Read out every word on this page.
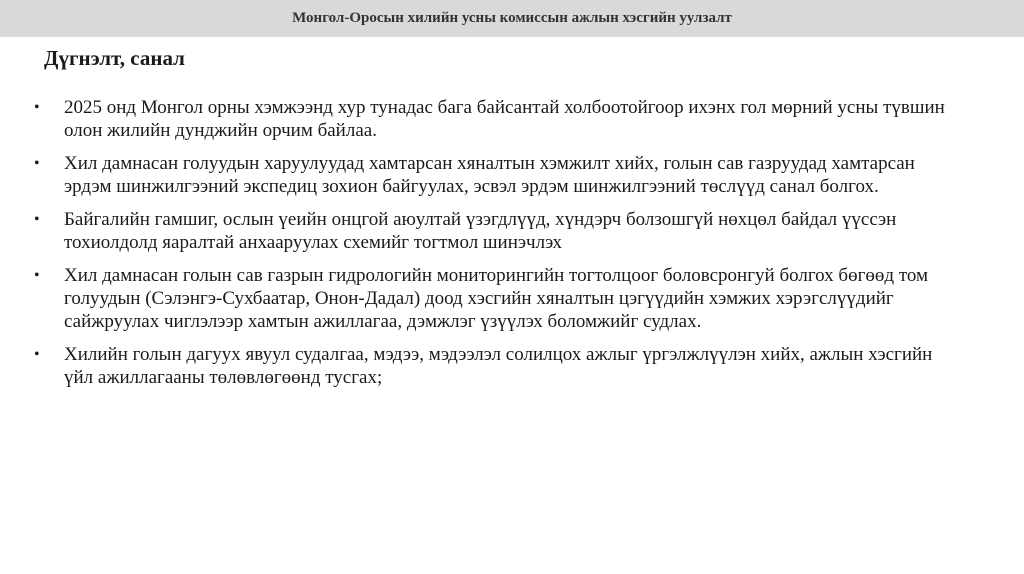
Монгол-Оросын хилийн усны комиссын ажлын хэсгийн уулзалт
Дүгнэлт, санал
•	2025 онд Монгол орны хэмжээнд хур тунадас бага байсантай холбоотойгоор ихэнх гол мөрний усны түвшин олон жилийн дунджийн орчим байлаа.
•	Хил дамнасан голуудын харуулуудад хамтарсан хяналтын хэмжилт хийх, голын сав газруудад хамтарсан эрдэм шинжилгээний экспедиц зохион байгуулах, эсвэл эрдэм шинжилгээний төслүүд санал болгох.
•	Байгалийн гамшиг, ослын үеийн онцгой аюултай үзэгдлүүд, хүндэрч болзошгүй нөхцөл байдал үүссэн тохиолдолд яаралтай анхааруулах схемийг тогтмол шинэчлэх
•	Хил дамнасан голын сав газрын гидрологийн мониторингийн тогтолцоог боловсронгуй болгох бөгөөд том голуудын (Сэлэнгэ-Сухбаатар, Онон-Дадал) доод хэсгийн хяналтын цэгүүдийн хэмжих хэрэгслүүдийг сайжруулах чиглэлээр хамтын ажиллагаа, дэмжлэг үзүүлэх боломжийг судлах.
•	Хилийн голын дагуух явуул судалгаа, мэдээ, мэдээлэл солилцох ажлыг үргэлжлүүлэн хийх, ажлын хэсгийн үйл ажиллагааны төлөвлөгөөнд тусгах;
